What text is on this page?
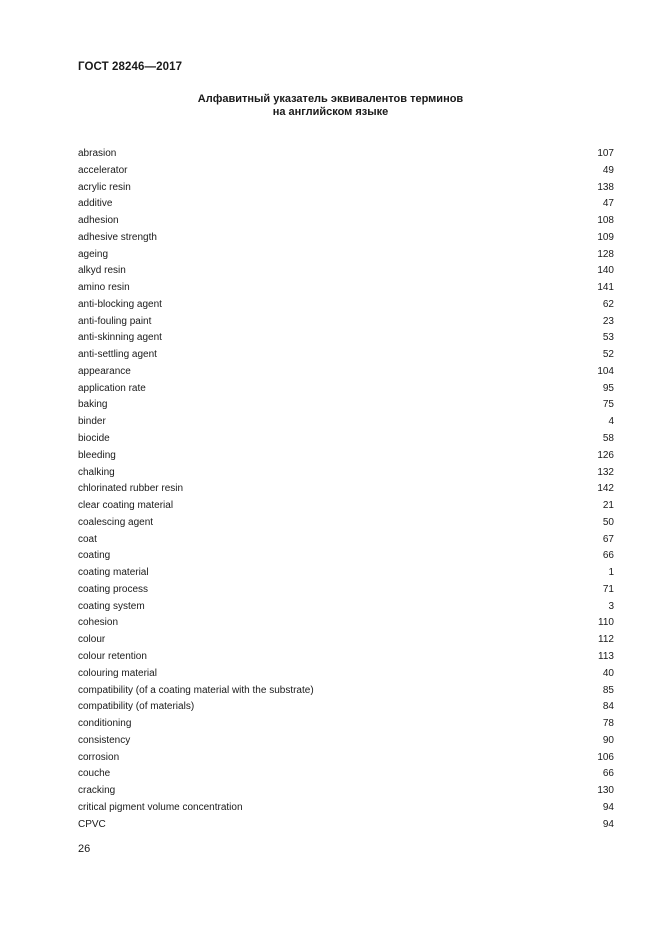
ГОСТ 28246—2017
Алфавитный указатель эквивалентов терминов
на английском языке
abrasion	107
accelerator	49
acrylic resin	138
additive	47
adhesion	108
adhesive strength	109
ageing	128
alkyd resin	140
amino resin	141
anti-blocking agent	62
anti-fouling paint	23
anti-skinning agent	53
anti-settling agent	52
appearance	104
application rate	95
baking	75
binder	4
biocide	58
bleeding	126
chalking	132
chlorinated rubber resin	142
clear coating material	21
coalescing agent	50
coat	67
coating	66
coating material	1
coating process	71
coating system	3
cohesion	110
colour	112
colour retention	113
colouring material	40
compatibility (of a coating material with the substrate)	85
compatibility (of materials)	84
conditioning	78
consistency	90
corrosion	106
couche	66
cracking	130
critical pigment volume concentration	94
CPVC	94
26
